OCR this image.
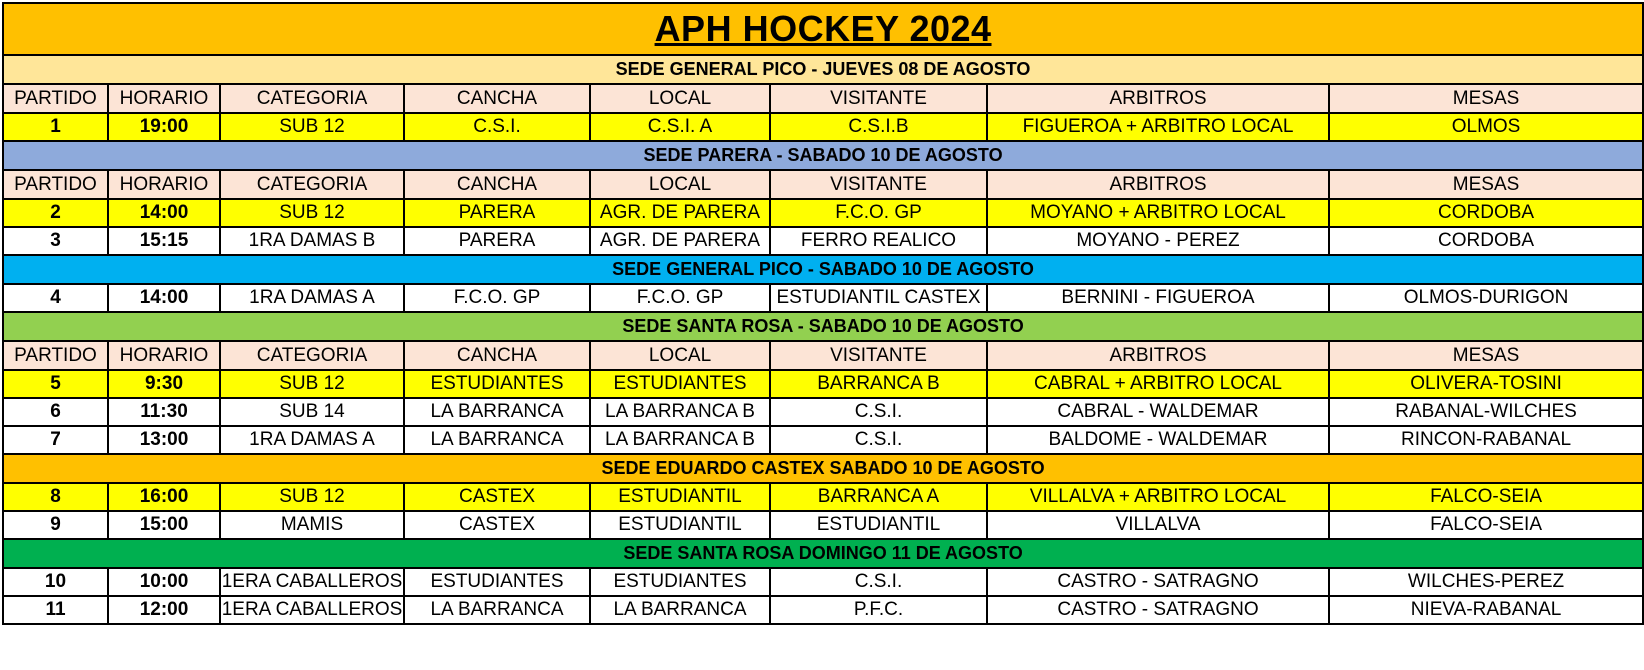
APH HOCKEY 2024							
SEDE GENERAL PICO - JUEVES 08 DE AGOSTO							
PARTIDO	HORARIO	CATEGORIA	CANCHA	LOCAL	VISITANTE	ARBITROS	MESAS
1	19:00	SUB 12	C.S.I.	C.S.I. A	C.S.I.B	FIGUEROA + ARBITRO LOCAL	OLMOS
SEDE PARERA - SABADO 10 DE AGOSTO							
PARTIDO	HORARIO	CATEGORIA	CANCHA	LOCAL	VISITANTE	ARBITROS	MESAS
2	14:00	SUB 12	PARERA	AGR. DE PARERA	F.C.O. GP	MOYANO + ARBITRO LOCAL	CORDOBA
3	15:15	1RA DAMAS B	PARERA	AGR. DE PARERA	FERRO REALICO	MOYANO - PEREZ	CORDOBA
SEDE GENERAL PICO - SABADO 10 DE AGOSTO							
4	14:00	1RA DAMAS A	F.C.O. GP	F.C.O. GP	ESTUDIANTIL CASTEX	BERNINI - FIGUEROA	OLMOS-DURIGON
SEDE SANTA ROSA - SABADO 10 DE AGOSTO							
PARTIDO	HORARIO	CATEGORIA	CANCHA	LOCAL	VISITANTE	ARBITROS	MESAS
5	9:30	SUB 12	ESTUDIANTES	ESTUDIANTES	BARRANCA B	CABRAL + ARBITRO LOCAL	OLIVERA-TOSINI
6	11:30	SUB 14	LA BARRANCA	LA BARRANCA B	C.S.I.	CABRAL - WALDEMAR	RABANAL-WILCHES
7	13:00	1RA DAMAS A	LA BARRANCA	LA BARRANCA B	C.S.I.	BALDOME - WALDEMAR	RINCON-RABANAL
SEDE EDUARDO CASTEX SABADO 10 DE AGOSTO							
8	16:00	SUB 12	CASTEX	ESTUDIANTIL	BARRANCA A	VILLALVA + ARBITRO LOCAL	FALCO-SEIA
9	15:00	MAMIS	CASTEX	ESTUDIANTIL	ESTUDIANTIL	VILLALVA	FALCO-SEIA
SEDE SANTA ROSA DOMINGO 11 DE AGOSTO							
10	10:00	1ERA CABALLEROS	ESTUDIANTES	ESTUDIANTES	C.S.I.	CASTRO - SATRAGNO	WILCHES-PEREZ
11	12:00	1ERA CABALLEROS	LA BARRANCA	LA BARRANCA	P.F.C.	CASTRO - SATRAGNO	NIEVA-RABANAL
